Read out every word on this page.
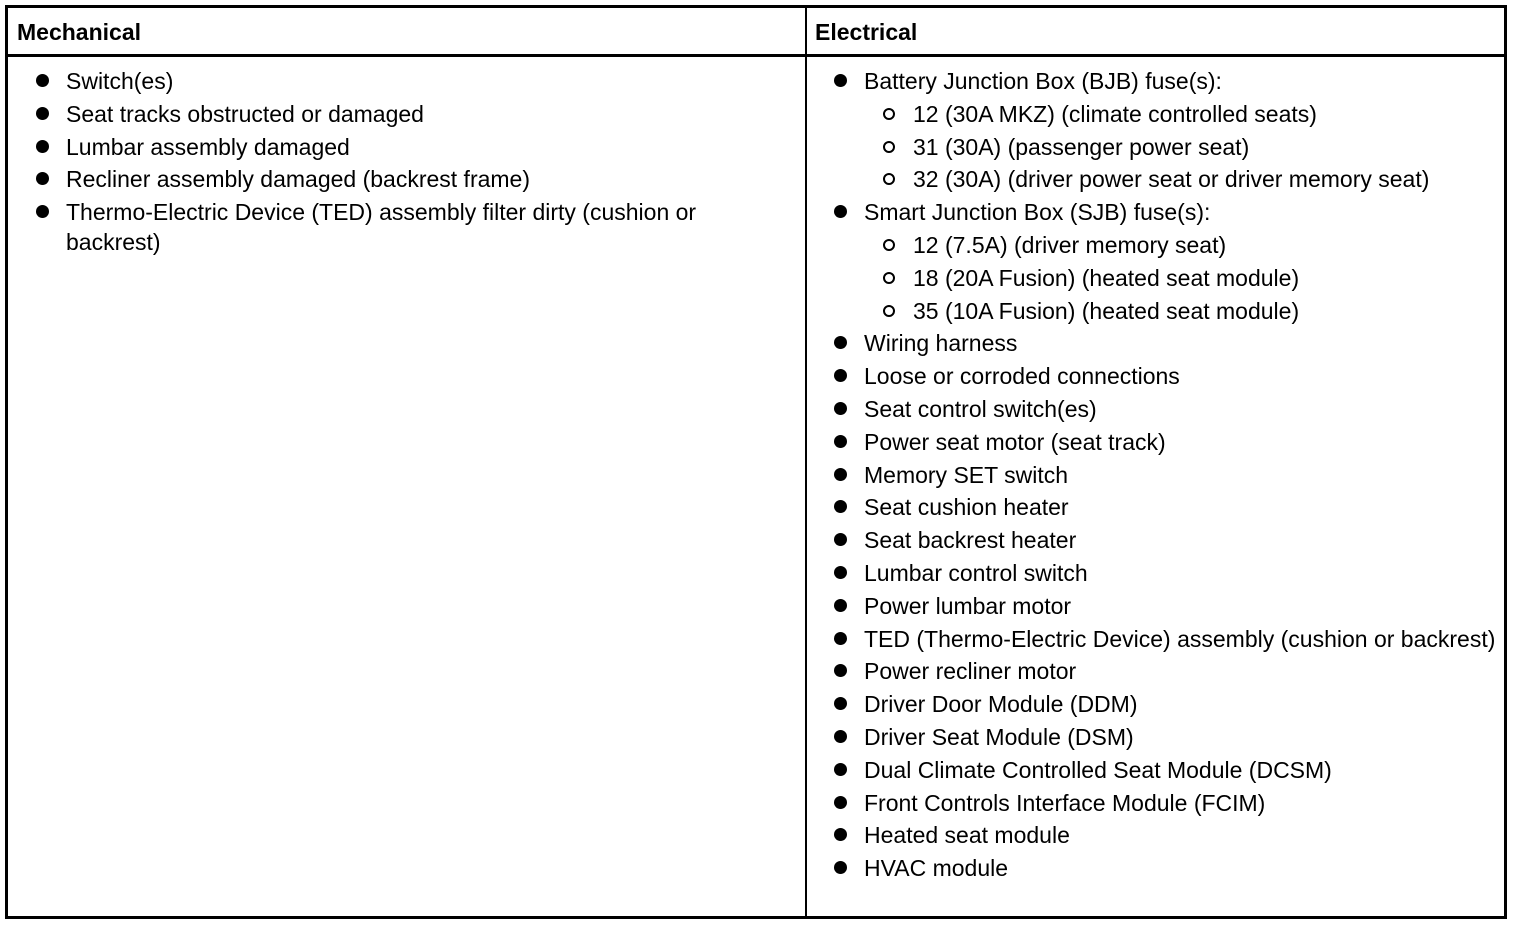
Mechanical	Electrical
Switch(es)
Seat tracks obstructed or damaged
Lumbar assembly damaged
Recliner assembly damaged (backrest frame)
Thermo-Electric Device (TED) assembly filter dirty (cushion or backrest)
Battery Junction Box (BJB) fuse(s):
12 (30A MKZ) (climate controlled seats)
31 (30A) (passenger power seat)
32 (30A) (driver power seat or driver memory seat)
Smart Junction Box (SJB) fuse(s):
12 (7.5A) (driver memory seat)
18 (20A Fusion) (heated seat module)
35 (10A Fusion) (heated seat module)
Wiring harness
Loose or corroded connections
Seat control switch(es)
Power seat motor (seat track)
Memory SET switch
Seat cushion heater
Seat backrest heater
Lumbar control switch
Power lumbar motor
TED (Thermo-Electric Device) assembly (cushion or backrest)
Power recliner motor
Driver Door Module (DDM)
Driver Seat Module (DSM)
Dual Climate Controlled Seat Module (DCSM)
Front Controls Interface Module (FCIM)
Heated seat module
HVAC module
